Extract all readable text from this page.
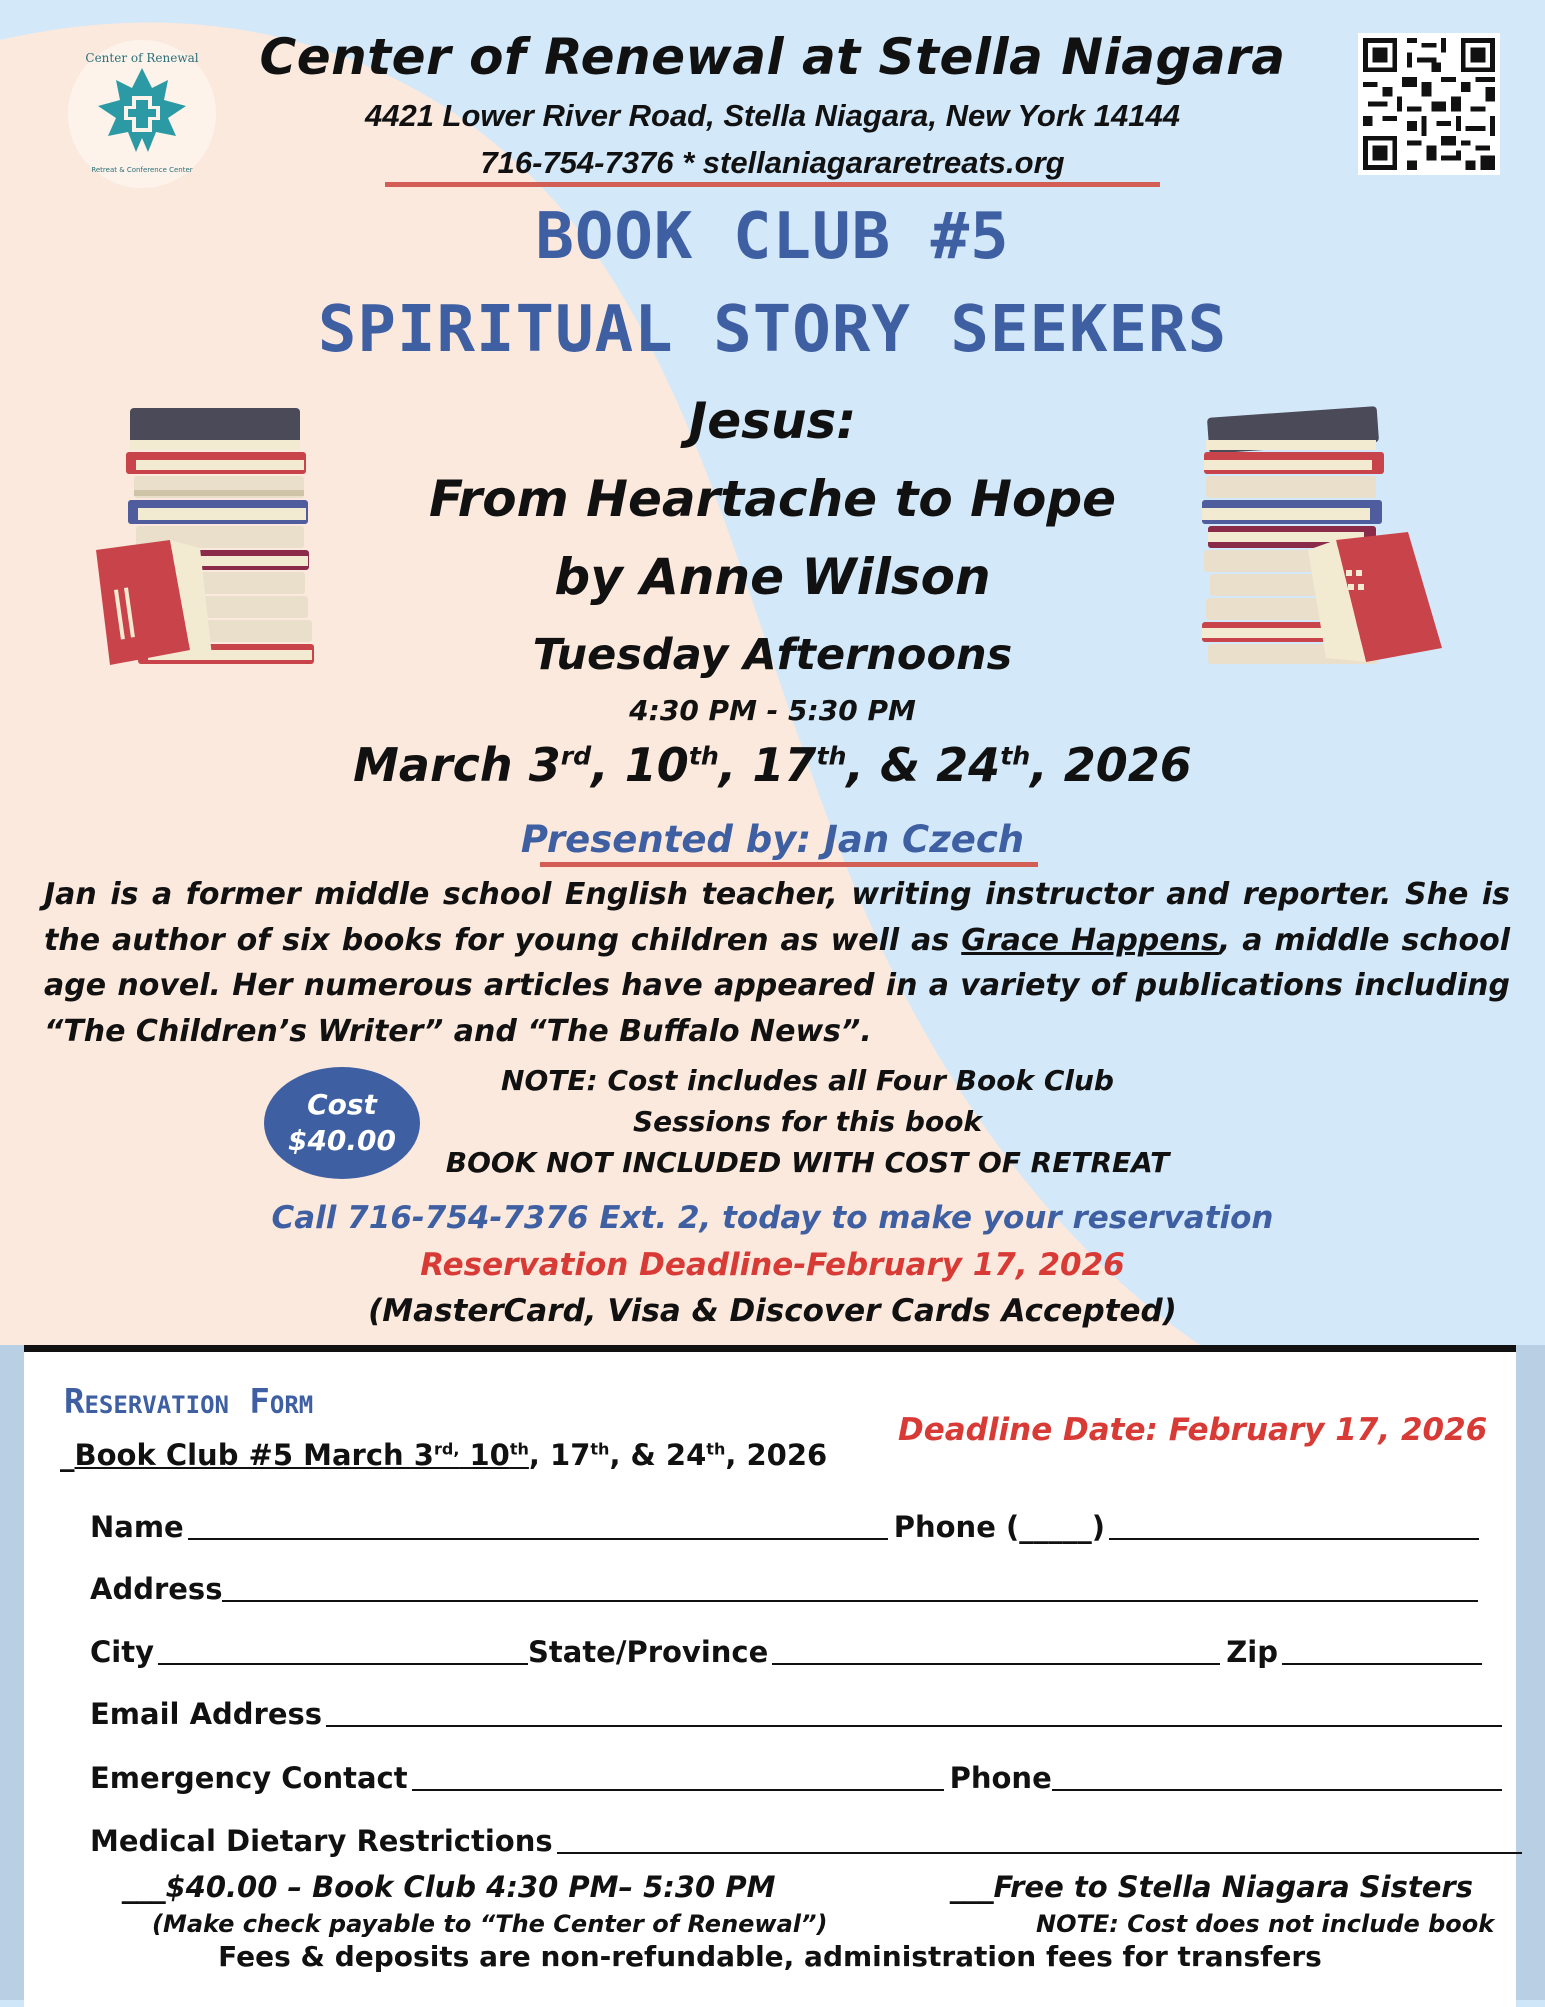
Center of Renewal
Retreat & Conference Center
Center of Renewal at Stella Niagara
4421 Lower River Road, Stella Niagara, New York 14144
716-754-7376 * stellaniagararetreats.org
BOOK CLUB #5
SPIRITUAL STORY SEEKERS
Jesus:
From Heartache to Hope
by Anne Wilson
Tuesday Afternoons
4:30 PM - 5:30 PM
March 3rd, 10th, 17th, & 24th, 2026
Presented by: Jan Czech
Jan is a former middle school English teacher, writing instructor and reporter. She is the author of six books for young children as well as Grace Happens, a middle school age novel. Her numerous articles have appeared in a variety of publications including “The Children’s Writer” and “The Buffalo News”.
Cost
$40.00
NOTE: Cost includes all Four Book Club
Sessions for this book
BOOK NOT INCLUDED WITH COST OF RETREAT
Call 716-754-7376 Ext. 2, today to make your reservation
Reservation Deadline-February 17, 2026
(MasterCard, Visa & Discover Cards Accepted)
Reservation Form
Deadline Date: February 17, 2026
_Book Club #5 March $3^{rd,}$ 10th, 17th, & 24th, 2026
Name	Phone (_____)
Address
City	State/Province	Zip
Email Address
Emergency Contact	Phone
Medical Dietary Restrictions
___$40.00 – Book Club 4:30 PM– 5:30 PM
(Make check payable to “The Center of Renewal”)
___Free to Stella Niagara Sisters
NOTE: Cost does not include book
Fees & deposits are non-refundable, administration fees for transfers
